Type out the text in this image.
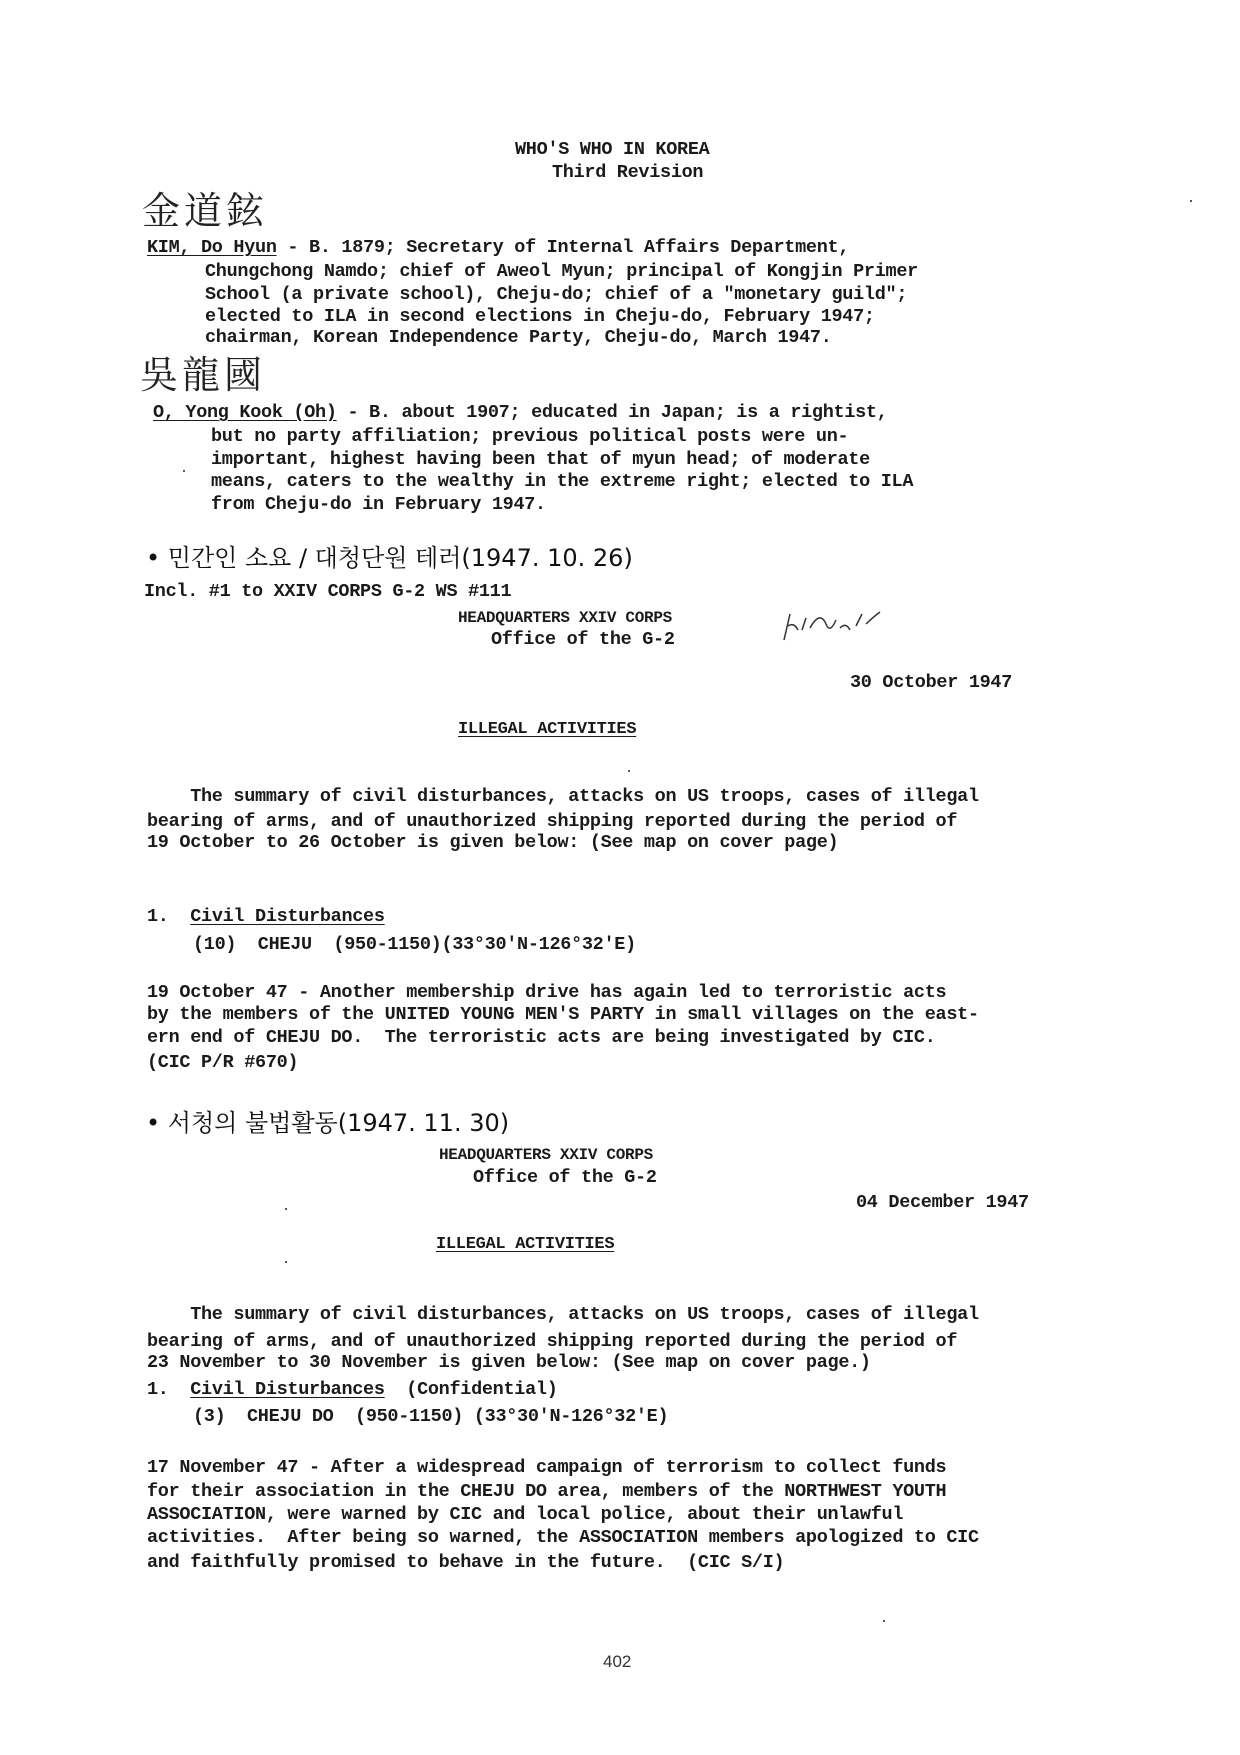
WHO'S WHO IN KOREA
Third Revision
金道鉉
KIM, Do Hyun - B. 1879; Secretary of Internal Affairs Department,
Chungchong Namdo; chief of Aweol Myun; principal of Kongjin Primer
School (a private school), Cheju-do; chief of a "monetary guild";
elected to ILA in second elections in Cheju-do, February 1947;
chairman, Korean Independence Party, Cheju-do, March 1947.
吳龍國
O, Yong Kook (Oh) - B. about 1907; educated in Japan; is a rightist,
but no party affiliation; previous political posts were un-
important, highest having been that of myun head; of moderate
means, caters to the wealthy in the extreme right; elected to ILA
from Cheju-do in February 1947.
• 민간인 소요 / 대청단원 테러(1947. 10. 26)
Incl. #1 to XXIV CORPS G-2 WS #111
HEADQUARTERS XXIV CORPS
Office of the G-2
30 October 1947
ILLEGAL ACTIVITIES
The summary of civil disturbances, attacks on US troops, cases of illegal
bearing of arms, and of unauthorized shipping reported during the period of
19 October to 26 October is given below: (See map on cover page)
1. Civil Disturbances
(10)  CHEJU  (950-1150)(33°30'N-126°32'E)
19 October 47 - Another membership drive has again led to terroristic acts
by the members of the UNITED YOUNG MEN'S PARTY in small villages on the east-
ern end of CHEJU DO.  The terroristic acts are being investigated by CIC.
(CIC P/R #670)
• 서청의 불법활동(1947. 11. 30)
HEADQUARTERS XXIV CORPS
Office of the G-2
04 December 1947
ILLEGAL ACTIVITIES
The summary of civil disturbances, attacks on US troops, cases of illegal
bearing of arms, and of unauthorized shipping reported during the period of
23 November to 30 November is given below: (See map on cover page.)
1. Civil Disturbances (Confidential)
(3)  CHEJU DO  (950-1150) (33°30'N-126°32'E)
17 November 47 - After a widespread campaign of terrorism to collect funds
for their association in the CHEJU DO area, members of the NORTHWEST YOUTH
ASSOCIATION, were warned by CIC and local police, about their unlawful
activities.  After being so warned, the ASSOCIATION members apologized to CIC
and faithfully promised to behave in the future.  (CIC S/I)
402
